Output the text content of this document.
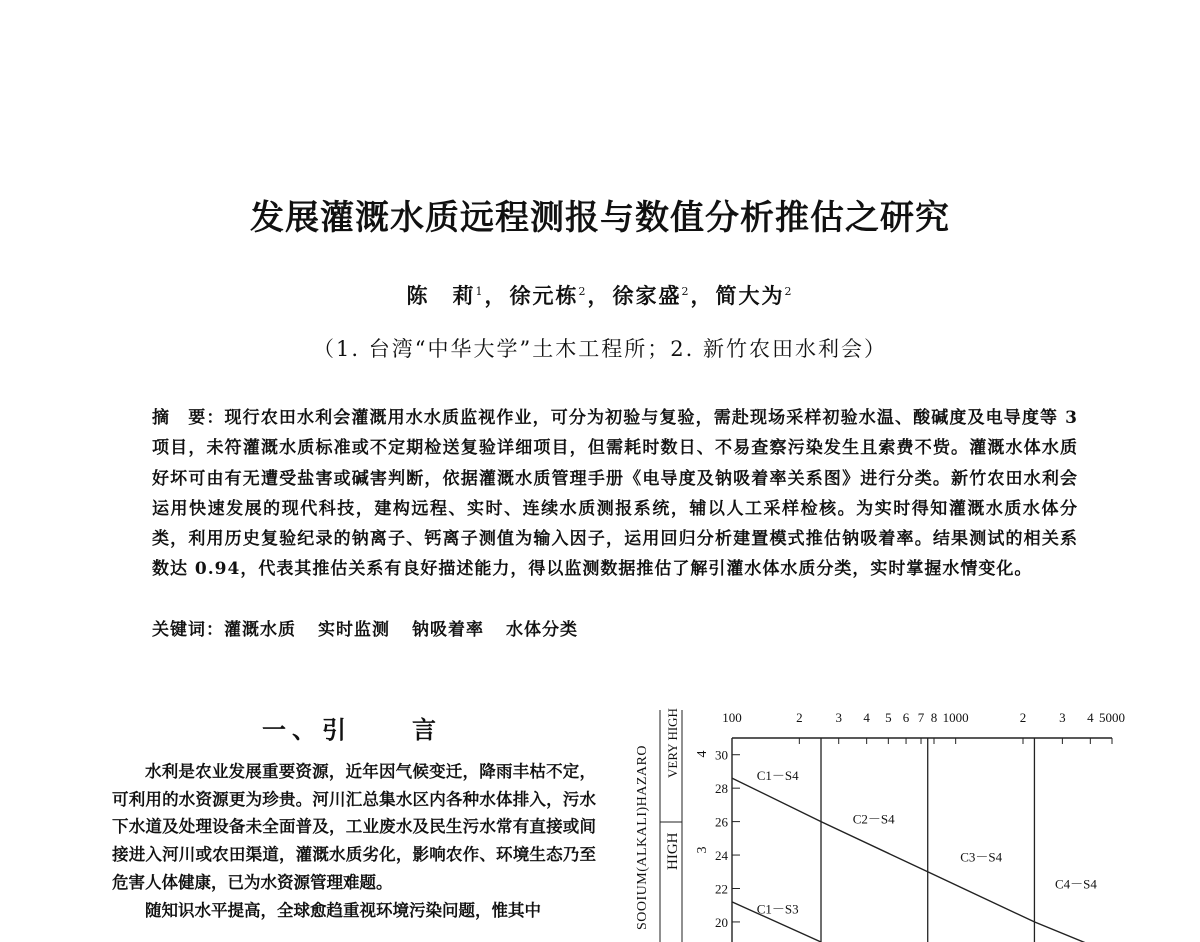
发展灌溉水质远程测报与数值分析推估之研究
陈　莉$^1$，徐元栋$^2$，徐家盛$^2$，简大为$^2$
（1. 台湾“中华大学”土木工程所；2. 新竹农田水利会）
摘　要：现行农田水利会灌溉用水水质监视作业，可分为初验与复验，需赴现场采样初验水温、酸碱度及电导度等 3 项目，未符灌溉水质标准或不定期检送复验详细项目，但需耗时数日、不易查察污染发生且索费不赀。灌溉水体水质好坏可由有无遭受盐害或碱害判断，依据灌溉水质管理手册《电导度及钠吸着率关系图》进行分类。新竹农田水利会运用快速发展的现代科技，建构远程、实时、连续水质测报系统，辅以人工采样检核。为实时得知灌溉水质水体分类，利用历史复验纪录的钠离子、钙离子测值为输入因子，运用回归分析建置模式推估钠吸着率。结果测试的相关系数达 0.94，代表其推估关系有良好描述能力，得以监测数据推估了解引灌水体水质分类，实时掌握水情变化。
关键词：灌溉水质 实时监测 钠吸着率 水体分类
一、引　　言

水利是农业发展重要资源，近年因气候变迁，降雨丰枯不定，可利用的水资源更为珍贵。河川汇总集水区内各种水体排入，污水下水道及处理设备未全面普及，工业废水及民生污水常有直接或间接进入河川或农田渠道，灌溉水质劣化，影响农作、环境生态乃至危害人体健康，已为水资源管理难题。

随知识水平提高，全球愈趋重视环境污染问题，惟其中

100	2	3 4 5 6 7 8 1000	2	3 4 5000
20
22
24
26
28
30
C1－S4
C2－S4
C3－S4
C4－S4
C1－S3
SOOIUM(ALKALI)HAZARO
VERY HIGH 4
HIGH 3
